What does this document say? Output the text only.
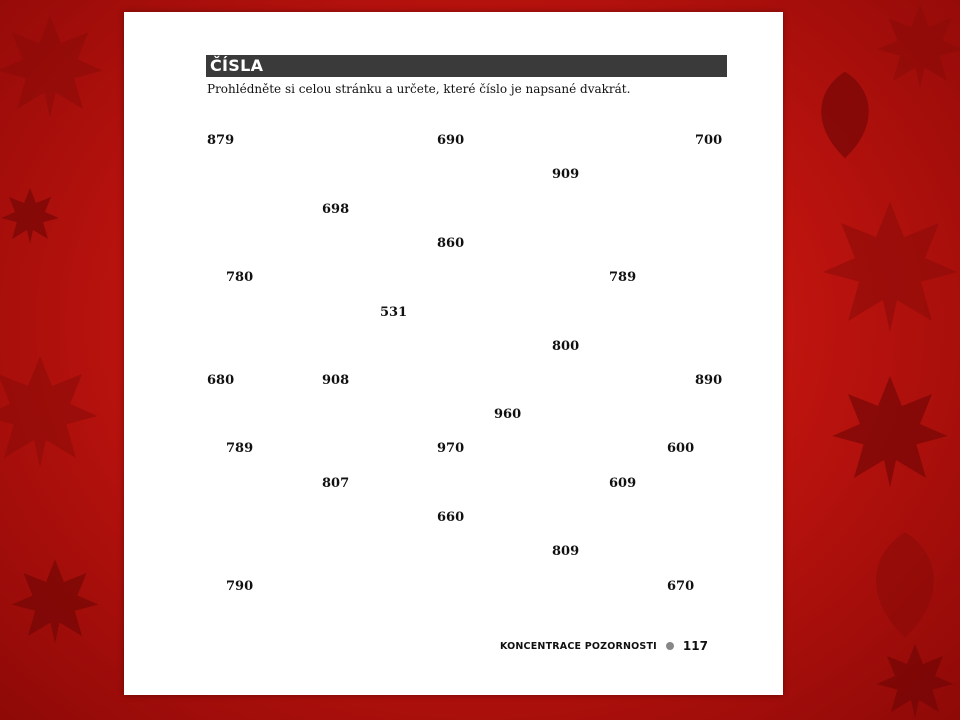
ČÍSLA
Prohlédněte si celou stránku a určete, které číslo je napsané dvakrát.
879	690	700
909
698
860
780	789
531
800
680	908	890
960
789	970	600
807	609
660
809
790	670
KONCENTRACE POZORNOSTI 117
